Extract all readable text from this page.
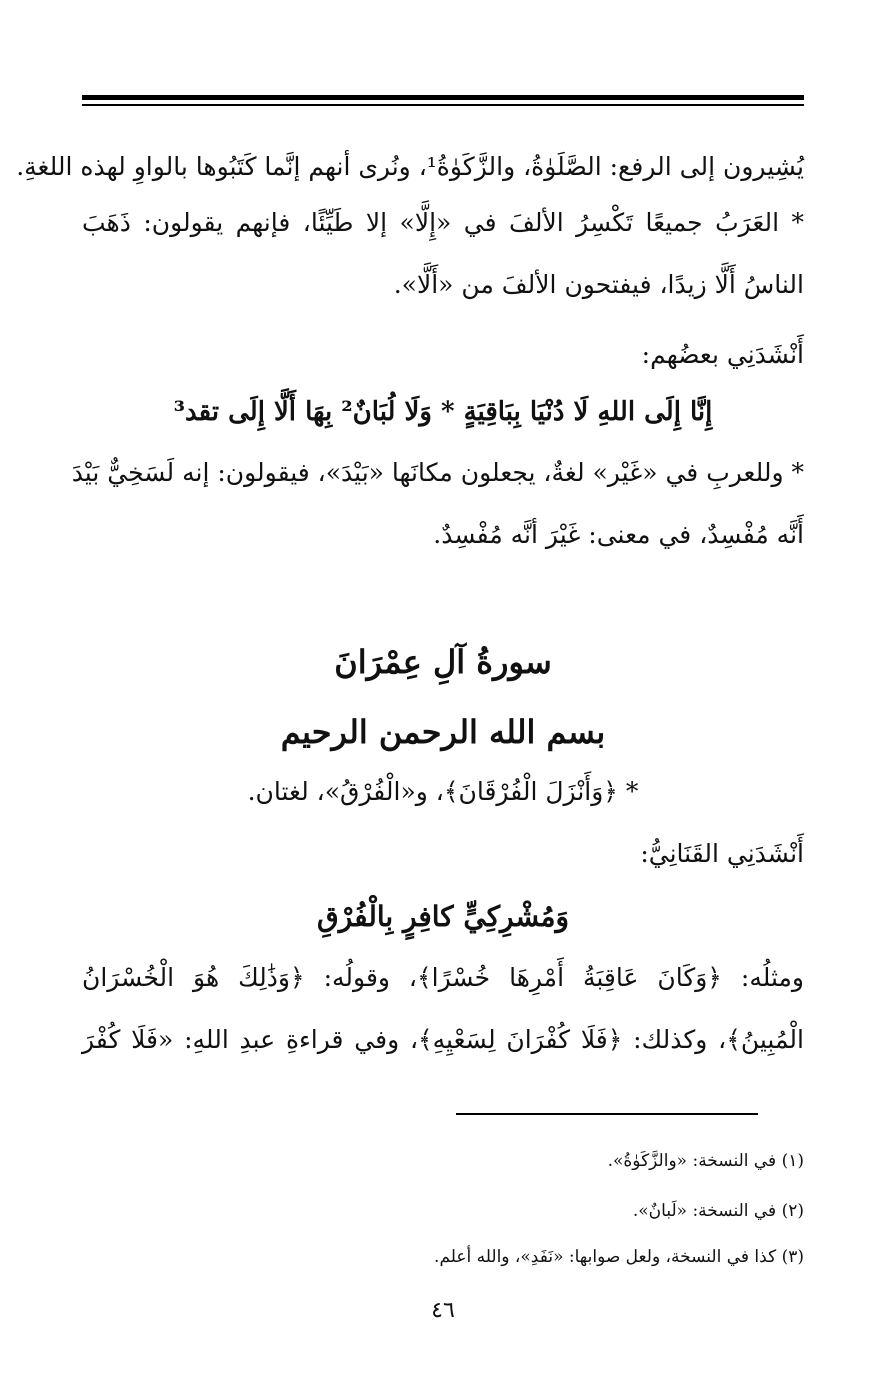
يُشِيرون إلى الرفع: الصَّلَوٰةُ، والزَّكَوٰةُ¹، ونُرى أنهم إنَّما كَتَبُوها بالواوِ لهذه اللغةِ.
* العَرَبُ جميعًا تَكْسِرُ الألفَ في «إِلَّا» إلا طَيِّئًا، فإنهم يقولون: ذَهَبَ
الناسُ أَلَّا زيدًا، فيفتحون الألفَ من «أَلَّا».
أَنْشَدَنِي بعضُهم:
إِنَّا إِلَى اللهِ لَا دُنْيَا بِبَاقِيَةٍ * وَلَا لُبَانٌ² بِهَا أَلَّا إِلَى تقد³
* وللعربِ في «غَيْر» لغةٌ، يجعلون مكانَها «بَيْدَ»، فيقولون: إنه لَسَخِيٌّ بَيْدَ
أَنَّه مُفْسِدٌ، في معنى: غَيْرَ أنَّه مُفْسِدٌ.
سورةُ آلِ عِمْرَانَ
بسم الله الرحمن الرحيم
* ﴿وَأَنْزَلَ الْفُرْقَانَ﴾، و«الْفُرْقُ»، لغتان.
أَنْشَدَنِي القَنَانِيُّ:
وَمُشْرِكِيٍّ كافِرٍ بِالْفُرْقِ
ومثلُه: ﴿وَكَانَ عَاقِبَةُ أَمْرِهَا خُسْرًا﴾، وقولُه: ﴿وَذَٰلِكَ هُوَ الْخُسْرَانُ
الْمُبِينُ﴾، وكذلك: ﴿فَلَا كُفْرَانَ لِسَعْيِهِ﴾، وفي قراءةِ عبدِ اللهِ: «فَلَا كُفْرَ
(١) في النسخة: «والزَّكَوٰةُ».
(٢) في النسخة: «لَبانٌ».
(٣) كذا في النسخة، ولعل صوابها: «نَفَدِ»، والله أعلم.
٤٦
